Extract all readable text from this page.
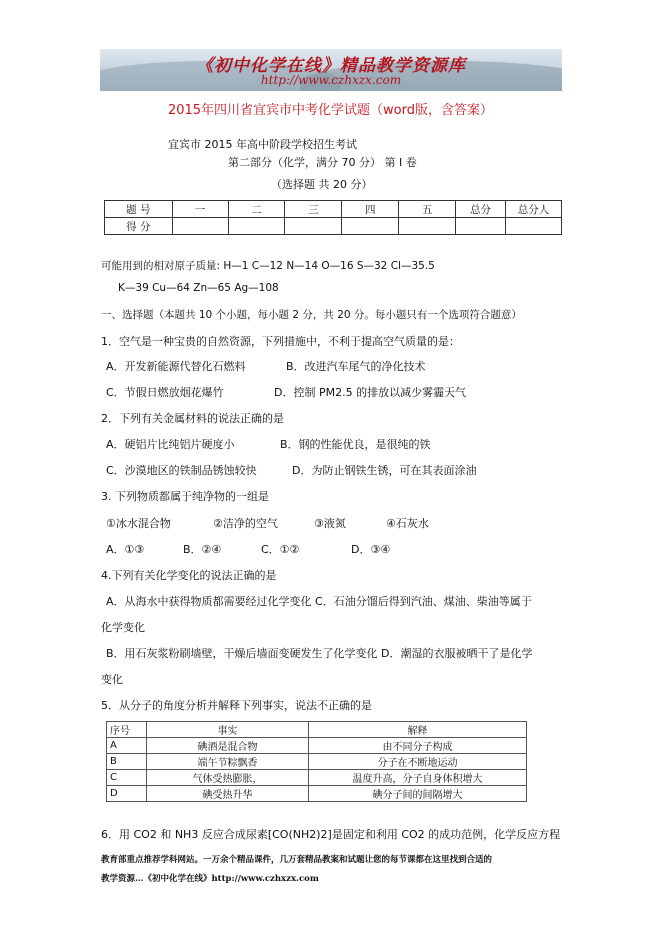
《初中化学在线》精品教学资源库
http://www.czhxzx.com
2015年四川省宜宾市中考化学试题（word版，含答案）
宜宾市 2015 年高中阶段学校招生考试
第二部分（化学，满分 70 分） 第 I 卷
（选择题 共 20 分）
题 号	一	二	三	四	五	总分	总分人
得 分							
可能用到的相对原子质量: H—1 C—12 N—14 O—16 S—32 Cl—35.5
K—39 Cu—64 Zn—65 Ag—108
一、选择题（本题共 10 个小题，每小题 2 分，共 20 分。每小题只有一个选项符合题意）
1．空气是一种宝贵的自然资源，下列措施中，不利于提高空气质量的是：
A．开发新能源代替化石燃料	B．改进汽车尾气的净化技术
C．节假日燃放烟花爆竹	D．控制 PM2.5 的排放以减少雾霾天气
2．下列有关金属材料的说法正确的是
A．硬铝片比纯铝片硬度小	B．钢的性能优良，是很纯的铁
C．沙漠地区的铁制品锈蚀较快	D．为防止钢铁生锈，可在其表面涂油
3. 下列物质都属于纯净物的一组是
①冰水混合物	②洁净的空气	③液氮	④石灰水
A．①③	B．②④	C．①②	D．③④
4.下列有关化学变化的说法正确的是
A．从海水中获得物质都需要经过化学变化 C．石油分馏后得到汽油、煤油、柴油等属于
化学变化
B．用石灰浆粉刷墙壁，干燥后墙面变硬发生了化学变化 D．潮湿的衣服被晒干了是化学
变化
5．从分子的角度分析并解释下列事实，说法不正确的是
序号	事实	解释
A	碘酒是混合物	由不同分子构成
B	端午节粽飘香	分子在不断地运动
C	气体受热膨胀，	温度升高，分子自身体积增大
D	碘受热升华	碘分子间的间隔增大
6．用 CO2 和 NH3 反应合成尿素[CO(NH2)2]是固定和利用 CO2 的成功范例，化学反应方程
教育部重点推荐学科网站。一万余个精品课件，几万套精品教案和试题让您的每节课都在这里找到合适的
教学资源…《初中化学在线》http://www.czhxzx.com
